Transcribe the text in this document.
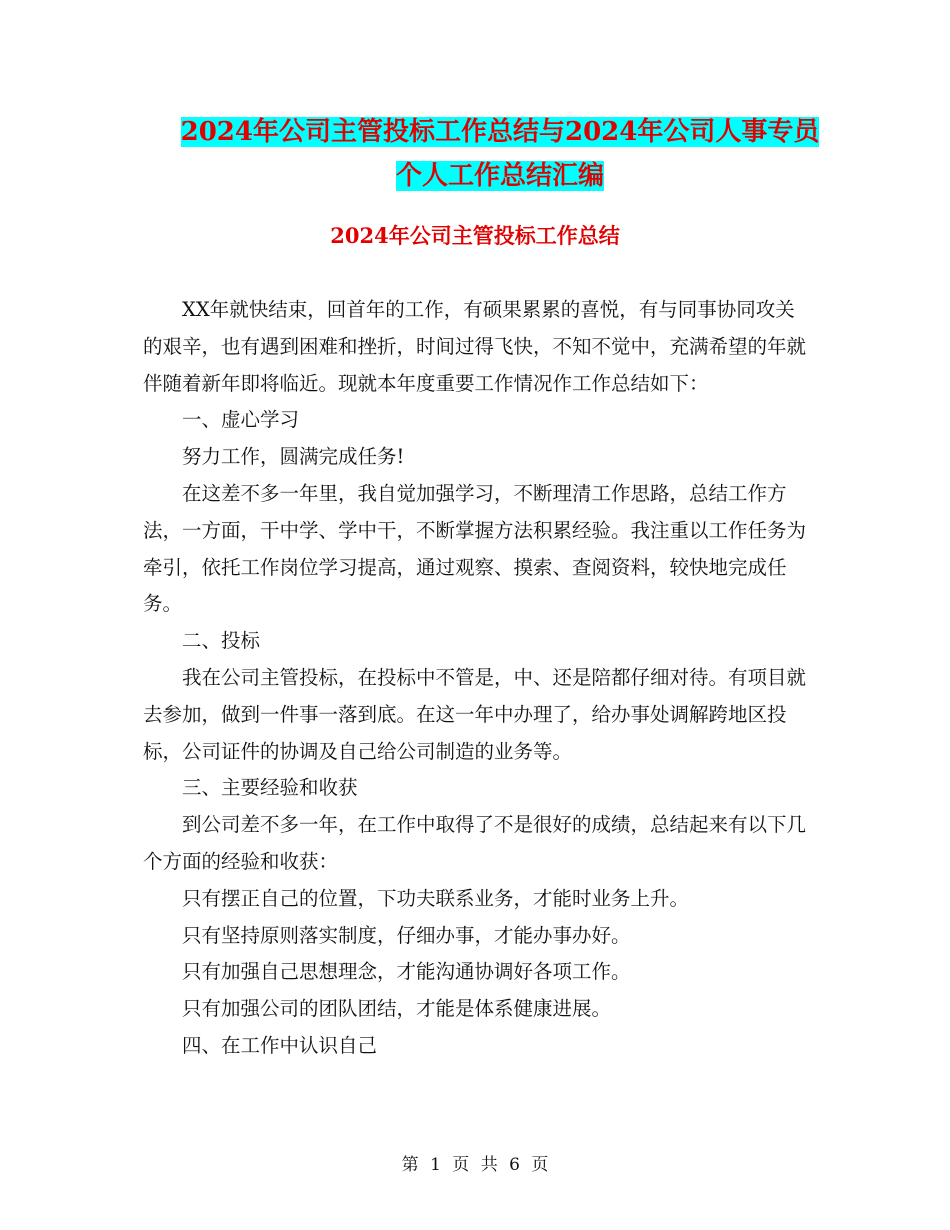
2024年公司主管投标工作总结与2024年公司人事专员
个人工作总结汇编
2024年公司主管投标工作总结

XX年就快结束，回首年的工作，有硕果累累的喜悦，有与同事协同攻关的艰辛，也有遇到困难和挫折，时间过得飞快，不知不觉中，充满希望的年就伴随着新年即将临近。现就本年度重要工作情况作工作总结如下：

一、虚心学习

努力工作，圆满完成任务!

在这差不多一年里，我自觉加强学习，不断理清工作思路，总结工作方法，一方面，干中学、学中干，不断掌握方法积累经验。我注重以工作任务为牵引，依托工作岗位学习提高，通过观察、摸索、查阅资料，较快地完成任务。

二、投标

我在公司主管投标，在投标中不管是，中、还是陪都仔细对待。有项目就去参加，做到一件事一落到底。在这一年中办理了，给办事处调解跨地区投标，公司证件的协调及自己给公司制造的业务等。

三、主要经验和收获

到公司差不多一年，在工作中取得了不是很好的成绩，总结起来有以下几个方面的经验和收获：

只有摆正自己的位置，下功夫联系业务，才能时业务上升。

只有坚持原则落实制度，仔细办事，才能办事办好。

只有加强自己思想理念，才能沟通协调好各项工作。

只有加强公司的团队团结，才能是体系健康进展。

四、在工作中认识自己

第 1 页 共 6 页
